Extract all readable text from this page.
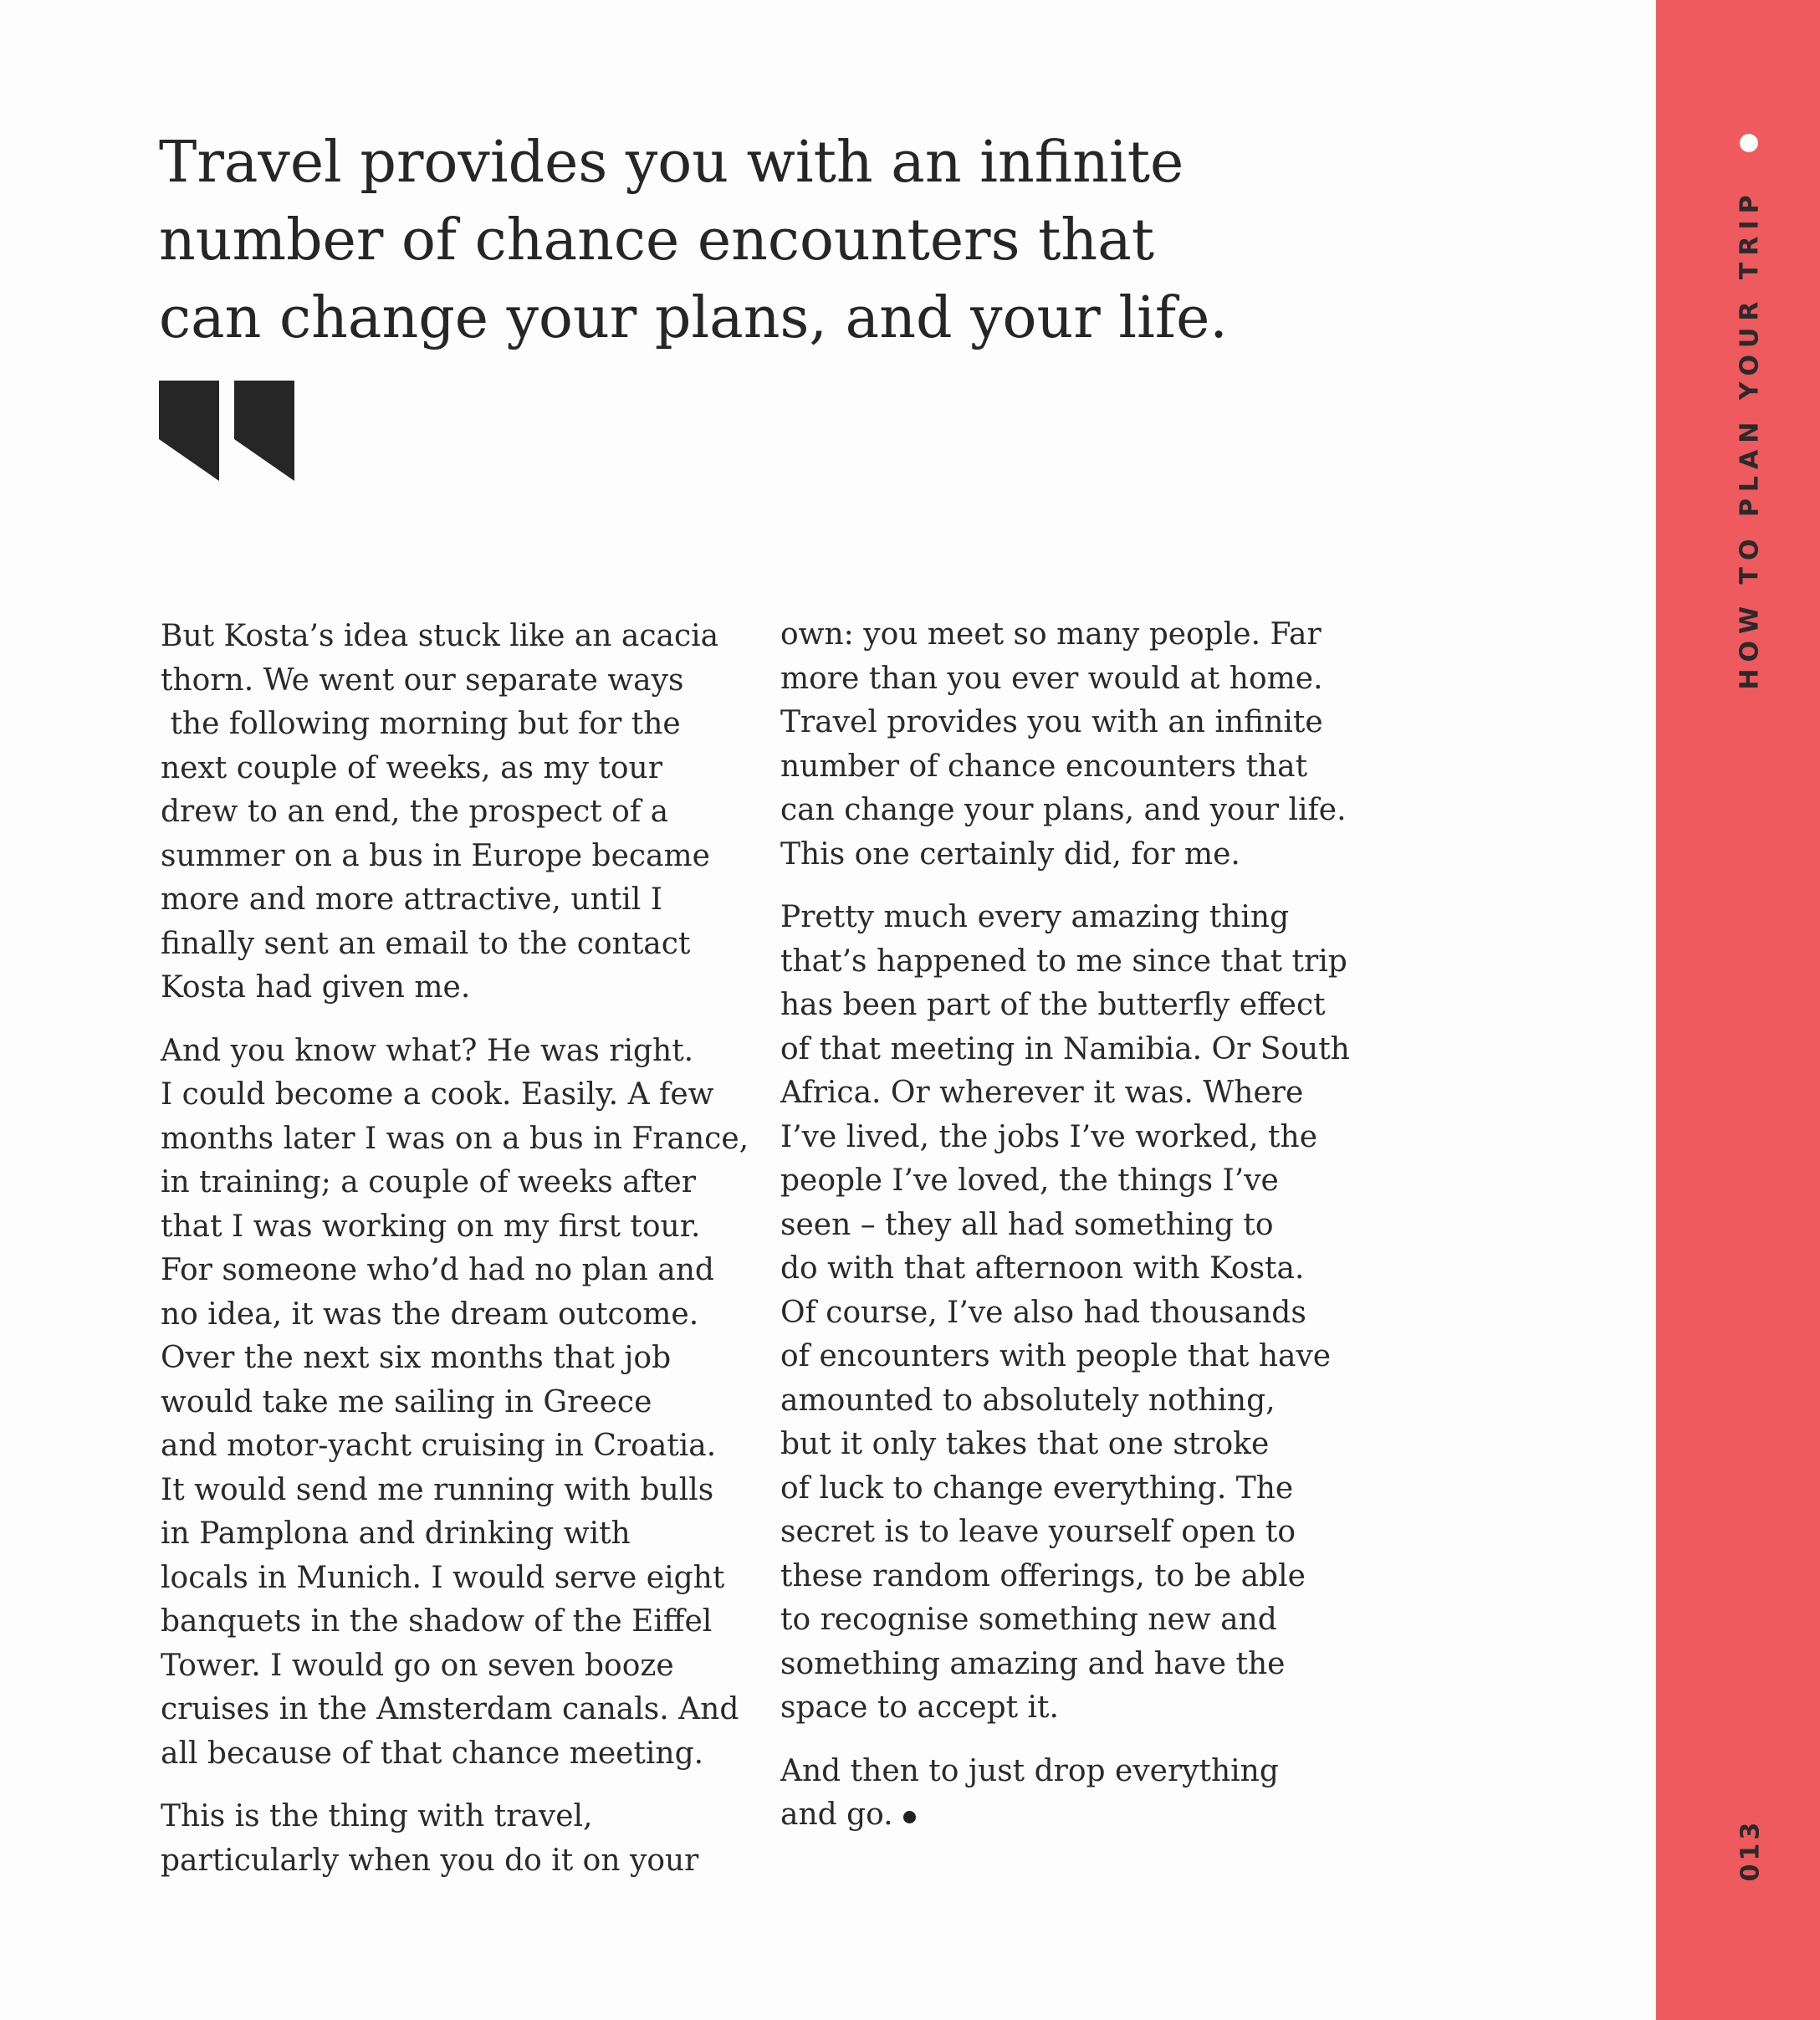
Travel provides you with an infinite
number of chance encounters that
can change your plans, and your life.

But Kosta’s idea stuck like an acacia
thorn. We went our separate ways
the following morning but for the
next couple of weeks, as my tour
drew to an end, the prospect of a
summer on a bus in Europe became
more and more attractive, until I
finally sent an email to the contact
Kosta had given me.

And you know what? He was right.
I could become a cook. Easily. A few
months later I was on a bus in France,
in training; a couple of weeks after
that I was working on my first tour.
For someone who’d had no plan and
no idea, it was the dream outcome.
Over the next six months that job
would take me sailing in Greece
and motor-yacht cruising in Croatia.
It would send me running with bulls
in Pamplona and drinking with
locals in Munich. I would serve eight
banquets in the shadow of the Eiffel
Tower. I would go on seven booze
cruises in the Amsterdam canals. And
all because of that chance meeting.

This is the thing with travel,
particularly when you do it on your

own: you meet so many people. Far
more than you ever would at home.
Travel provides you with an infinite
number of chance encounters that
can change your plans, and your life.
This one certainly did, for me.

Pretty much every amazing thing
that’s happened to me since that trip
has been part of the butterfly effect
of that meeting in Namibia. Or South
Africa. Or wherever it was. Where
I’ve lived, the jobs I’ve worked, the
people I’ve loved, the things I’ve
seen – they all had something to
do with that afternoon with Kosta.
Of course, I’ve also had thousands
of encounters with people that have
amounted to absolutely nothing,
but it only takes that one stroke
of luck to change everything. The
secret is to leave yourself open to
these random offerings, to be able
to recognise something new and
something amazing and have the
space to accept it.

And then to just drop everything
and go.

HOW TO PLAN YOUR TRIP
013
